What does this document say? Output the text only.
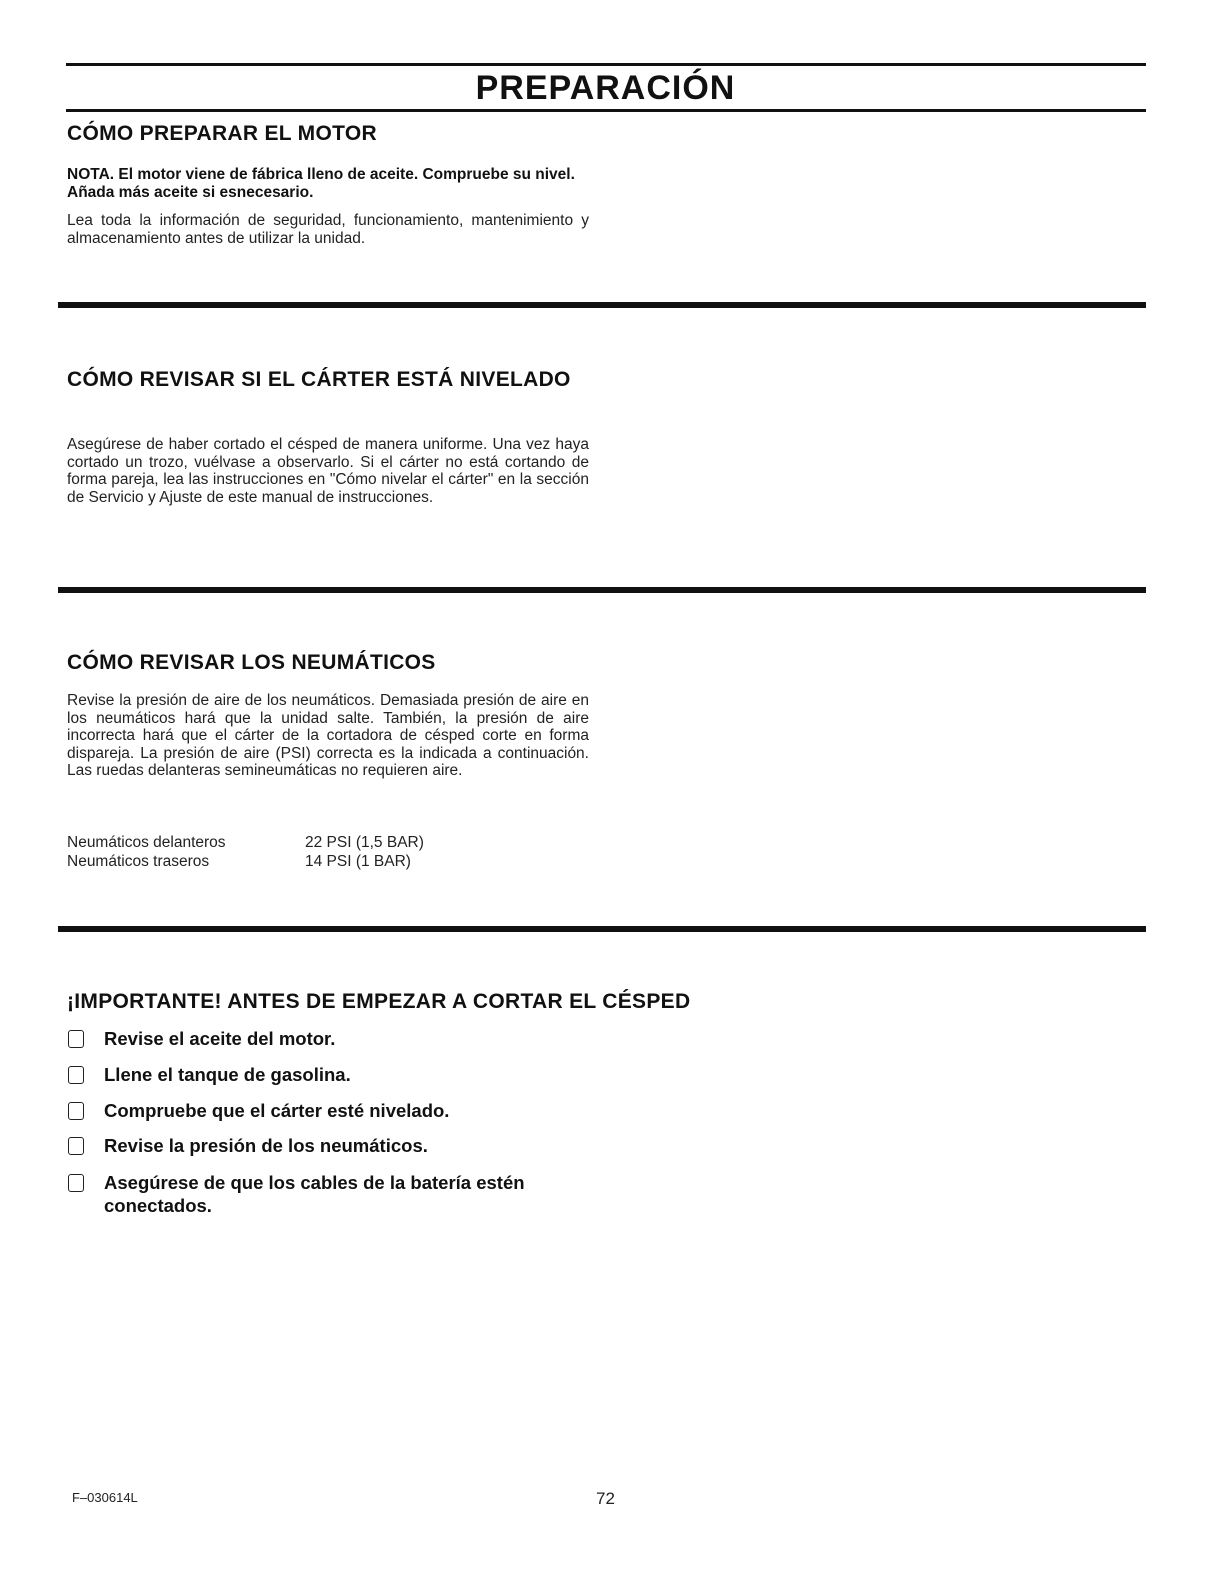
PREPARACIÓN
CÓMO PREPARAR EL MOTOR
NOTA. El motor viene de fábrica lleno de aceite. Compruebe su nivel. Añada más aceite si esnecesario.
Lea toda la información de seguridad, funcionamiento, mantenimiento y almacenamiento antes de utilizar la unidad.
CÓMO REVISAR SI EL CÁRTER ESTÁ NIVELADO
Asegúrese de haber cortado el césped de manera uniforme. Una vez haya cortado un trozo, vuélvase a observarlo. Si el cárter no está cortando de forma pareja, lea las instrucciones en "Cómo nivelar el cárter" en la sección de Servicio y Ajuste de este manual de instrucciones.
CÓMO REVISAR LOS NEUMÁTICOS
Revise la presión de aire de los neumáticos. Demasiada presión de aire en los neumáticos hará que la unidad salte. También, la presión de aire incorrecta hará que el cárter de la cortadora de césped corte en forma dispareja. La presión de aire (PSI) correcta es la indicada a continuación. Las ruedas delanteras semineumáticas no requieren aire.
Neumáticos delanteros	22 PSI (1,5 BAR)
Neumáticos traseros	14 PSI (1 BAR)
¡IMPORTANTE! ANTES DE EMPEZAR A CORTAR EL CÉSPED
Revise el aceite del motor.
Llene el tanque de gasolina.
Compruebe que el cárter esté nivelado.
Revise la presión de los neumáticos.
Asegúrese de que los cables de la batería estén conectados.
F–030614L	72
